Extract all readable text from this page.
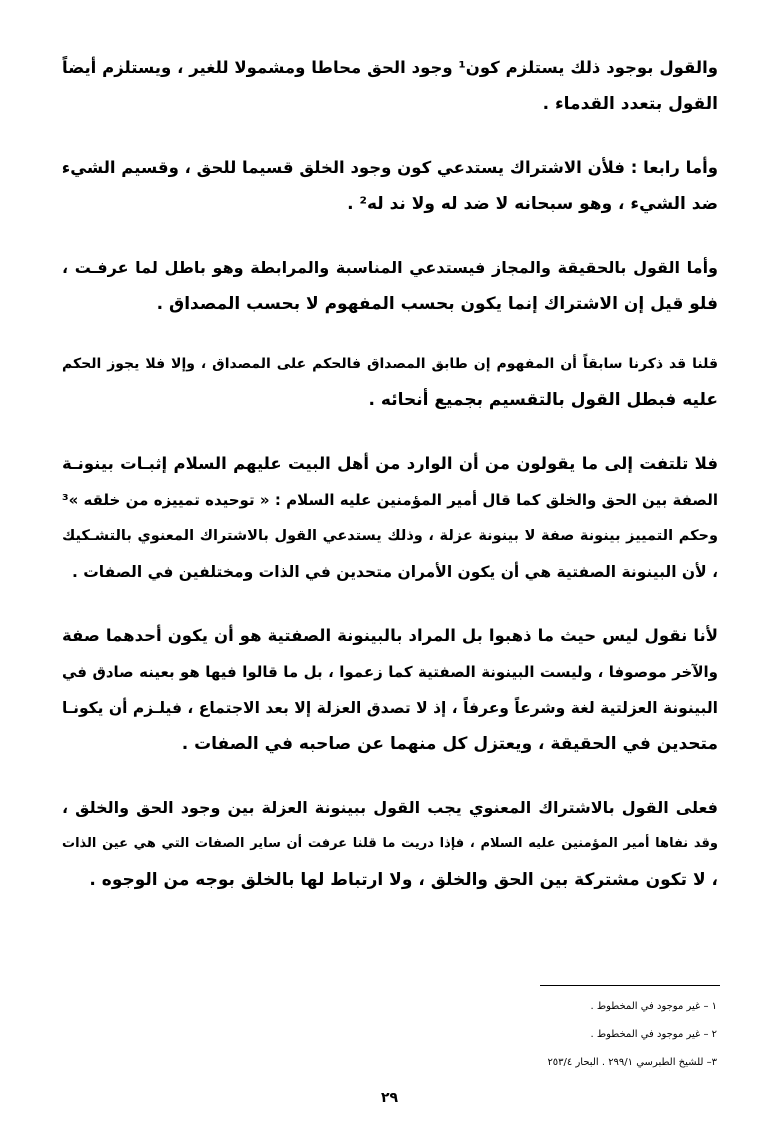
والقول بوجود ذلك يستلزم كون¹ وجود الحق محاطا ومشمولا للغير ، ويستلزم أيضاً
القول بتعدد القدماء .
وأما رابعا : فلأن الاشتراك يستدعي كون وجود الخلق قسيما للحق ، وقسيم الشيء
ضد الشيء ، وهو سبحانه لا ضد له ولا ند له² .
وأما القول بالحقيقة والمجاز فيستدعي المناسبة والمرابطة وهو باطل لما عرفـت ،
فلو قيل إن الاشتراك إنما يكون بحسب المفهوم لا بحسب المصداق .
قلنا قد ذكرنا سابقاً أن المفهوم إن طابق المصداق فالحكم على المصداق ، وإلا فلا يجوز الحكم
عليه فبطل القول بالتقسيم بجميع أنحائه .
فلا تلتفت إلى ما يقولون من أن الوارد من أهل البيت عليهم السلام إثبـات بينونـة
الصفة بين الحق والخلق كما قال أمير المؤمنين عليه السلام : « توحيده تمييزه من خلقه »³
وحكم التمييز بينونة صفة لا بينونة عزلة ، وذلك يستدعي القول بالاشتراك المعنوي بالتشـكيك
، لأن البينونة الصفتية هي أن يكون الأمران متحدين في الذات ومختلفين في الصفات .
لأنا نقول ليس حيث ما ذهبوا بل المراد بالبينونة الصفتية هو أن يكون أحدهما صفة
والآخر موصوفا ، وليست البينونة الصفتية كما زعموا ، بل ما قالوا فيها هو بعينه صادق في
البينونة العزلتية لغة وشرعاً وعرفاً ، إذ لا تصدق العزلة إلا بعد الاجتماع ، فيلـزم أن يكونـا
متحدين في الحقيقة ، ويعتزل كل منهما عن صاحبه في الصفات .
فعلى القول بالاشتراك المعنوي يجب القول ببينونة العزلة بين وجود الحق والخلق ،
وقد نفاها أمير المؤمنين عليه السلام ، فإذا دريت ما قلنا عرفت أن ساير الصفات التي هي عين الذات
، لا تكون مشتركة بين الحق والخلق ، ولا ارتباط لها بالخلق بوجه من الوجوه .
١ – غير موجود في المخطوط .
٢ – غير موجود في المخطوط .
٣– للشيخ الطبرسي ٢٩٩/١ . البحار ٢٥٣/٤
٢٩
